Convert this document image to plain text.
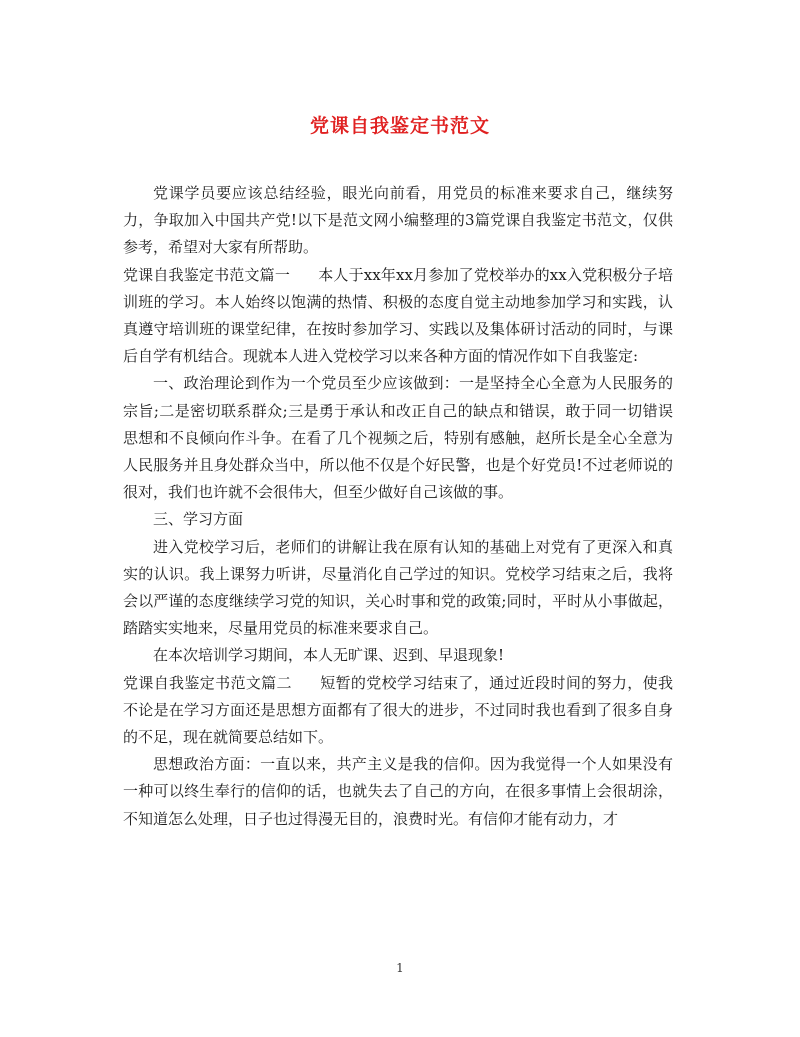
党课自我鉴定书范文

党课学员要应该总结经验，眼光向前看，用党员的标准来要求自己，继续努力，争取加入中国共产党!以下是范文网小编整理的3篇党课自我鉴定书范文，仅供参考，希望对大家有所帮助。

党课自我鉴定书范文篇一 本人于xx年xx月参加了党校举办的xx入党积极分子培训班的学习。本人始终以饱满的热情、积极的态度自觉主动地参加学习和实践，认真遵守培训班的课堂纪律，在按时参加学习、实践以及集体研讨活动的同时，与课后自学有机结合。现就本人进入党校学习以来各种方面的情况作如下自我鉴定:

一、政治理论到作为一个党员至少应该做到：一是坚持全心全意为人民服务的宗旨;二是密切联系群众;三是勇于承认和改正自己的缺点和错误，敢于同一切错误思想和不良倾向作斗争。在看了几个视频之后，特别有感触，赵所长是全心全意为人民服务并且身处群众当中，所以他不仅是个好民警，也是个好党员!不过老师说的很对，我们也许就不会很伟大，但至少做好自己该做的事。

三、学习方面

进入党校学习后，老师们的讲解让我在原有认知的基础上对党有了更深入和真实的认识。我上课努力听讲，尽量消化自己学过的知识。党校学习结束之后，我将会以严谨的态度继续学习党的知识，关心时事和党的政策;同时，平时从小事做起，踏踏实实地来，尽量用党员的标准来要求自己。

在本次培训学习期间，本人无旷课、迟到、早退现象!

党课自我鉴定书范文篇二 短暂的党校学习结束了，通过近段时间的努力，使我不论是在学习方面还是思想方面都有了很大的进步，不过同时我也看到了很多自身的不足，现在就简要总结如下。

思想政治方面：一直以来，共产主义是我的信仰。因为我觉得一个人如果没有一种可以终生奉行的信仰的话，也就失去了自己的方向，在很多事情上会很胡涂，不知道怎么处理，日子也过得漫无目的，浪费时光。有信仰才能有动力，才

1
